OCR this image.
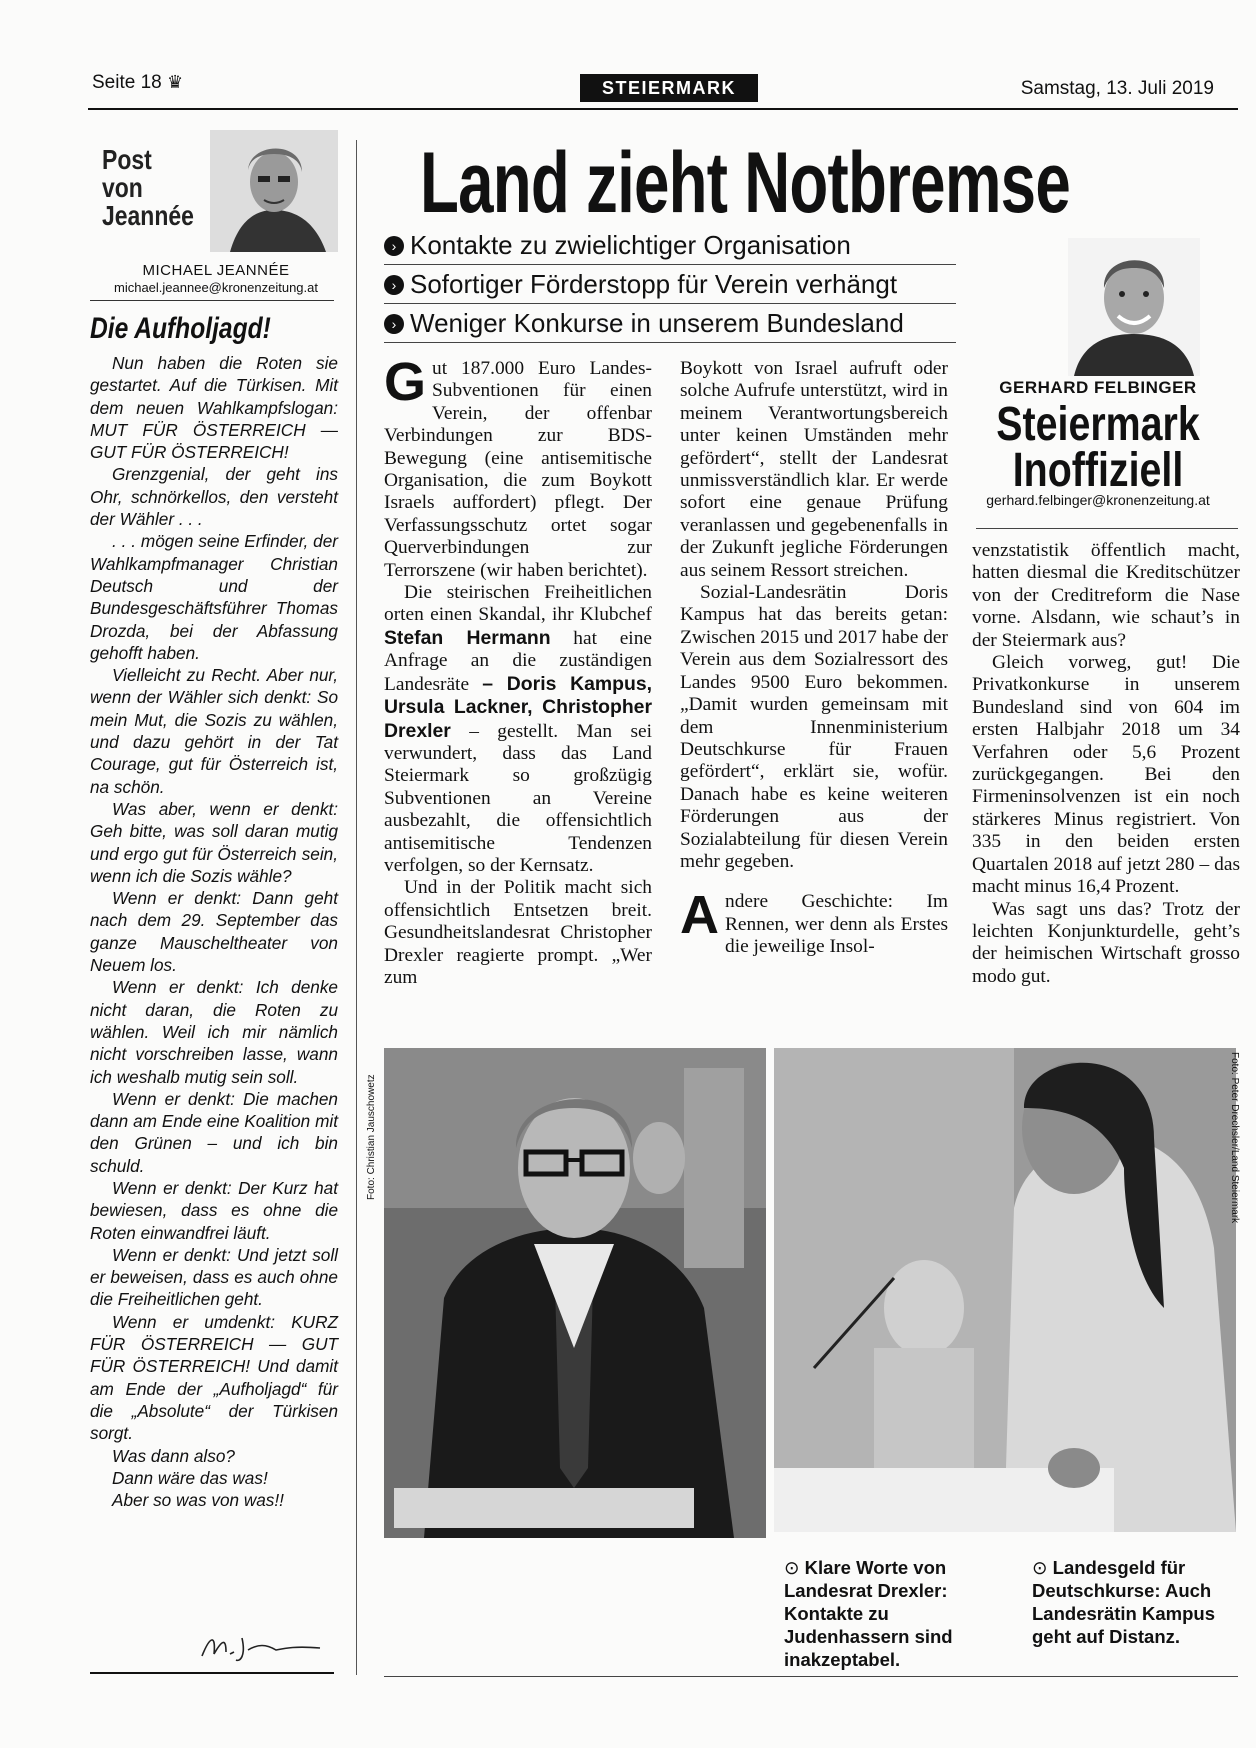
Seite 18 ♛	STEIERMARK	Samstag, 13. Juli 2019
Post
von
Jeannée
MICHAEL JEANNÉE
michael.jeannee@kronenzeitung.at
Die Aufholjagd!

Nun haben die Roten sie gestartet. Auf die Türkisen. Mit dem neuen Wahlkampfslogan: MUT FÜR ÖSTERREICH — GUT FÜR ÖSTERREICH!

Grenzgenial, der geht ins Ohr, schnörkellos, den versteht der Wähler . . .

. . . mögen seine Erfinder, der Wahlkampfmanager Christian Deutsch und der Bundesgeschäftsführer Thomas Drozda, bei der Abfassung gehofft haben.

Vielleicht zu Recht. Aber nur, wenn der Wähler sich denkt: So mein Mut, die Sozis zu wählen, und dazu gehört in der Tat Courage, gut für Österreich ist, na schön.

Was aber, wenn er denkt: Geh bitte, was soll daran mutig und ergo gut für Österreich sein, wenn ich die Sozis wähle?

Wenn er denkt: Dann geht nach dem 29. September das ganze Mauscheltheater von Neuem los.

Wenn er denkt: Ich denke nicht daran, die Roten zu wählen. Weil ich mir nämlich nicht vorschreiben lasse, wann ich weshalb mutig sein soll.

Wenn er denkt: Die machen dann am Ende eine Koalition mit den Grünen – und ich bin schuld.

Wenn er denkt: Der Kurz hat bewiesen, dass es ohne die Roten einwandfrei läuft.

Wenn er denkt: Und jetzt soll er beweisen, dass es auch ohne die Freiheitlichen geht.

Wenn er umdenkt: KURZ FÜR ÖSTERREICH — GUT FÜR ÖSTERREICH! Und damit am Ende der „Aufholjagd“ für die „Absolute“ der Türkisen sorgt.

Was dann also?

Dann wäre das was!

Aber so was von was!!

Land zieht Notbremse
› Kontakte zu zwielichtiger Organisation
› Sofortiger Förderstopp für Verein verhängt
› Weniger Konkurse in unserem Bundesland
GERHARD FELBINGER
Steiermark
Inoffiziell
gerhard.felbinger@kronenzeitung.at

Gut 187.000 Euro Landes-Subventionen für einen Verein, der offenbar Verbindungen zur BDS-Bewegung (eine antisemitische Organisation, die zum Boykott Israels auffordert) pflegt. Der Verfassungsschutz ortet sogar Querverbindungen zur Terrorszene (wir haben berichtet).

Die steirischen Freiheitlichen orten einen Skandal, ihr Klubchef Stefan Hermann hat eine Anfrage an die zuständigen Landesräte – Doris Kampus, Ursula Lackner, Christopher Drexler – gestellt. Man sei verwundert, dass das Land Steiermark so großzügig Subventionen an Vereine ausbezahlt, die offensichtlich antisemitische Tendenzen verfolgen, so der Kernsatz.

Und in der Politik macht sich offensichtlich Entsetzen breit. Gesundheitslandesrat Christopher Drexler reagierte prompt. „Wer zum

Boykott von Israel aufruft oder solche Aufrufe unterstützt, wird in meinem Verantwortungsbereich unter keinen Umständen mehr gefördert“, stellt der Landesrat unmissverständlich klar. Er werde sofort eine genaue Prüfung veranlassen und gegebenenfalls in der Zukunft jegliche Förderungen aus seinem Ressort streichen.

Sozial-Landesrätin Doris Kampus hat das bereits getan: Zwischen 2015 und 2017 habe der Verein aus dem Sozialressort des Landes 9500 Euro bekommen. „Damit wurden gemeinsam mit dem Innenministerium Deutschkurse für Frauen gefördert“, erklärt sie, wofür. Danach habe es keine weiteren Förderungen aus der Sozialabteilung für diesen Verein mehr gegeben.

Andere Geschichte: Im Rennen, wer denn als Erstes die jeweilige Insol-

venzstatistik öffentlich macht, hatten diesmal die Kreditschützer von der Creditreform die Nase vorne. Alsdann, wie schaut’s in der Steiermark aus?

Gleich vorweg, gut! Die Privatkonkurse in unserem Bundesland sind von 604 im ersten Halbjahr 2018 um 34 Verfahren oder 5,6 Prozent zurückgegangen. Bei den Firmeninsolvenzen ist ein noch stärkeres Minus registriert. Von 335 in den beiden ersten Quartalen 2018 auf jetzt 280 – das macht minus 16,4 Prozent.

Was sagt uns das? Trotz der leichten Konjunkturdelle, geht’s der heimischen Wirtschaft grosso modo gut.

Foto: Christian Jauschowetz	Foto: Peter Drechsler/Land Steiermark
⊙ Klare Worte von Landesrat Drexler: Kontakte zu Judenhassern sind inakzeptabel.
⊙ Landesgeld für Deutschkurse: Auch Landesrätin Kampus geht auf Distanz.
